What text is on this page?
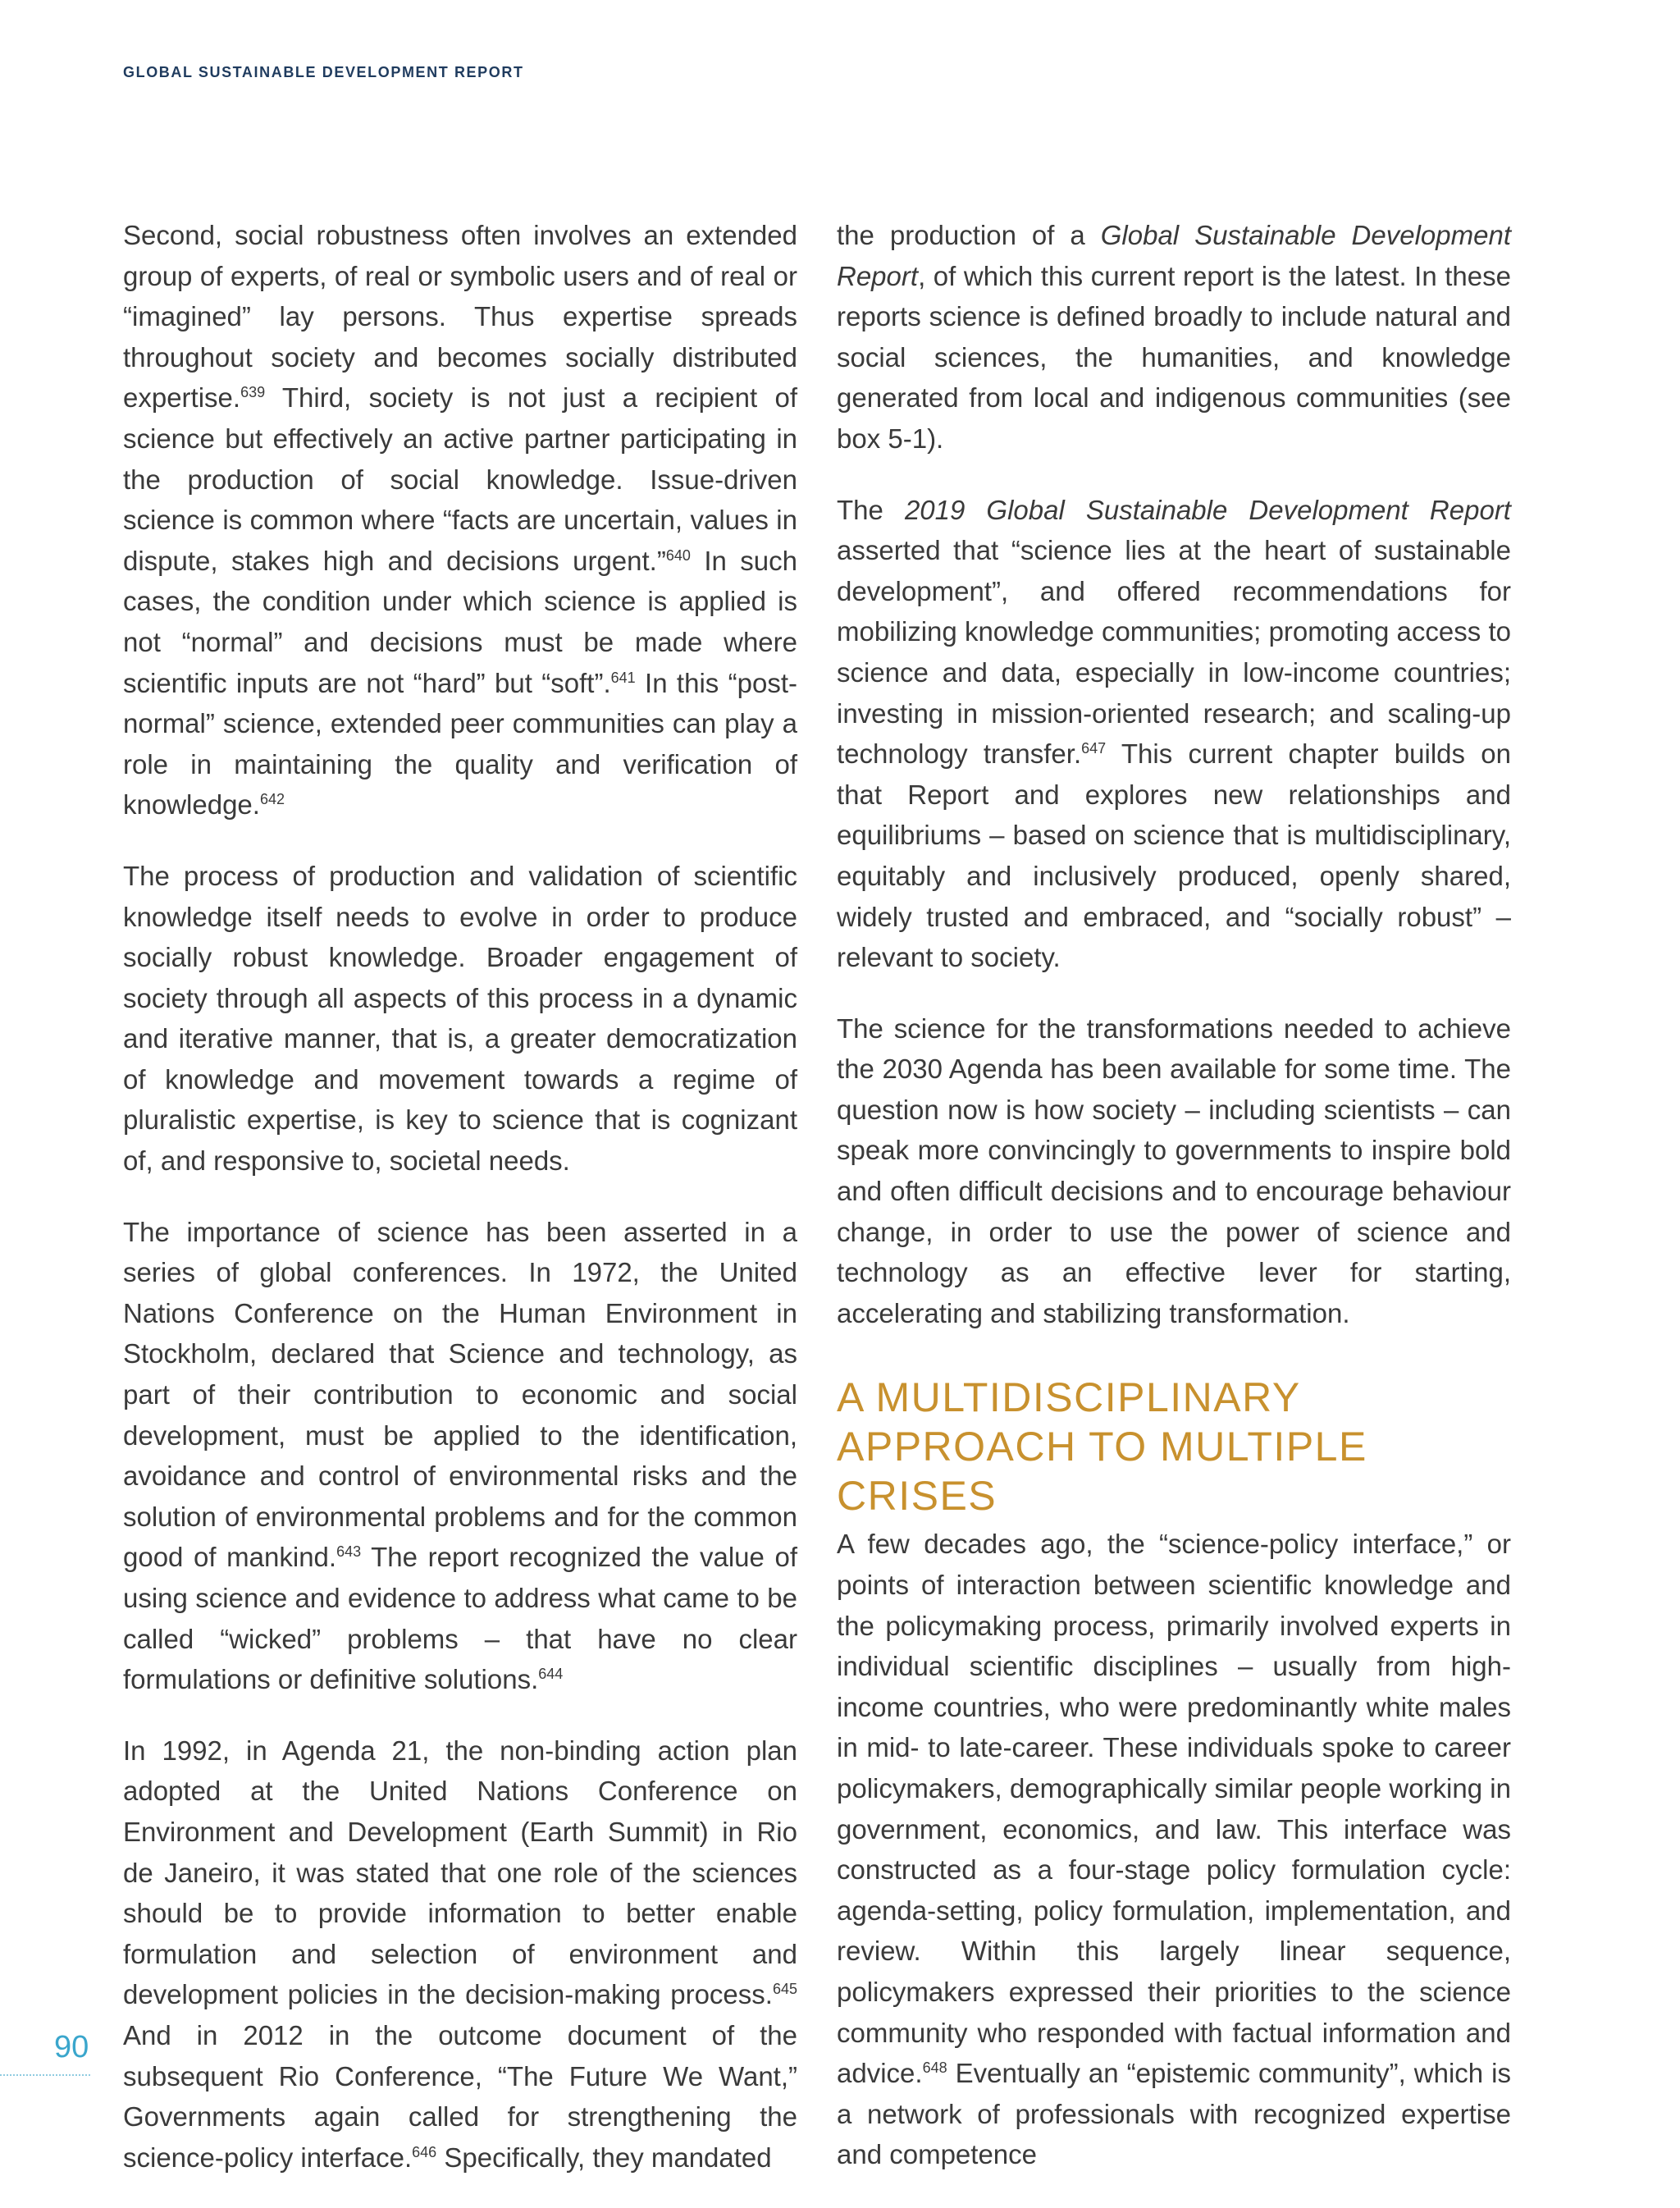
GLOBAL SUSTAINABLE DEVELOPMENT REPORT

Second, social robustness often involves an extended group of experts, of real or symbolic users and of real or “imagined” lay persons. Thus expertise spreads throughout society and becomes socially distributed expertise.$^{639}$ Third, society is not just a recipient of science but effectively an active partner participating in the production of social knowledge. Issue-driven science is common where “facts are uncertain, values in dispute, stakes high and decisions urgent.”$^{640}$ In such cases, the condition under which science is applied is not “normal” and decisions must be made where scientific inputs are not “hard” but “soft”.$^{641}$ In this “post-normal” science, extended peer communities can play a role in maintaining the quality and verification of knowledge.$^{642}$

The process of production and validation of scientific knowledge itself needs to evolve in order to produce socially robust knowledge. Broader engagement of society through all aspects of this process in a dynamic and iterative manner, that is, a greater democratization of knowledge and movement towards a regime of pluralistic expertise, is key to science that is cognizant of, and responsive to, societal needs.

The importance of science has been asserted in a series of global conferences. In 1972, the United Nations Conference on the Human Environment in Stockholm, declared that Science and technology, as part of their contribution to economic and social development, must be applied to the identification, avoidance and control of environmental risks and the solution of environmental problems and for the common good of mankind.$^{643}$ The report recognized the value of using science and evidence to address what came to be called “wicked” problems – that have no clear formulations or definitive solutions.$^{644}$

In 1992, in Agenda 21, the non-binding action plan adopted at the United Nations Conference on Environment and Development (Earth Summit) in Rio de Janeiro, it was stated that one role of the sciences should be to provide information to better enable formulation and selection of environment and development policies in the decision-making process.$^{645}$ And in 2012 in the outcome document of the subsequent Rio Conference, “The Future We Want,” Governments again called for strengthening the science-policy interface.$^{646}$ Specifically, they mandated

the production of a Global Sustainable Development Report, of which this current report is the latest. In these reports science is defined broadly to include natural and social sciences, the humanities, and knowledge generated from local and indigenous communities (see box 5-1).

The 2019 Global Sustainable Development Report asserted that “science lies at the heart of sustainable development”, and offered recommendations for mobilizing knowledge communities; promoting access to science and data, especially in low-income countries; investing in mission-oriented research; and scaling-up technology transfer.$^{647}$ This current chapter builds on that Report and explores new relationships and equilibriums – based on science that is multidisciplinary, equitably and inclusively produced, openly shared, widely trusted and embraced, and “socially robust” – relevant to society.

The science for the transformations needed to achieve the 2030 Agenda has been available for some time. The question now is how society – including scientists – can speak more convincingly to governments to inspire bold and often difficult decisions and to encourage behaviour change, in order to use the power of science and technology as an effective lever for starting, accelerating and stabilizing transformation.

A MULTIDISCIPLINARY APPROACH TO MULTIPLE CRISES

A few decades ago, the “science-policy interface,” or points of interaction between scientific knowledge and the policymaking process, primarily involved experts in individual scientific disciplines – usually from high-income countries, who were predominantly white males in mid- to late-career. These individuals spoke to career policymakers, demographically similar people working in government, economics, and law. This interface was constructed as a four-stage policy formulation cycle: agenda-setting, policy formulation, implementation, and review. Within this largely linear sequence, policymakers expressed their priorities to the science community who responded with factual information and advice.$^{648}$ Eventually an “epistemic community”, which is a network of professionals with recognized expertise and competence

90
